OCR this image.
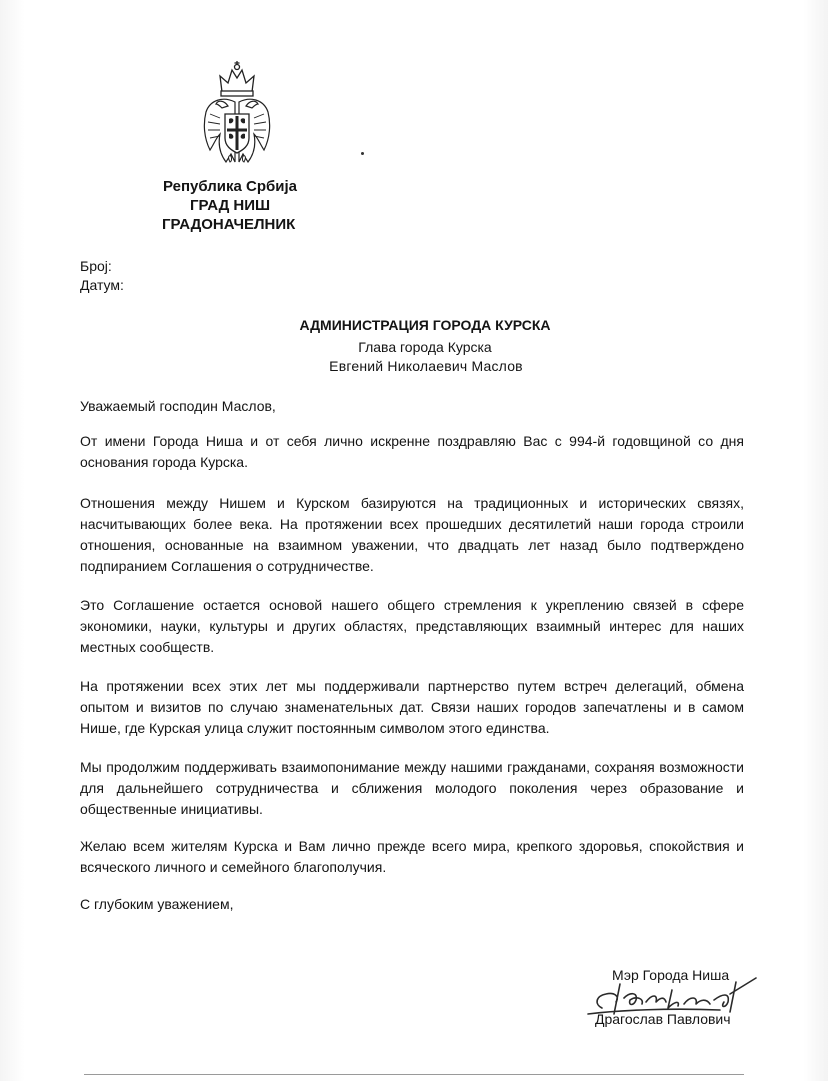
Република Србија
ГРАД НИШ
ГРАДОНАЧЕЛНИК
Број:
Датум:
АДМИНИСТРАЦИЯ ГОРОДА КУРСКА
Глава города Курска
Евгений Николаевич Маслов
Уважаемый господин Маслов,
От имени Города Ниша и от себя лично искренне поздравляю Вас с 994-й годовщиной со дня основания города Курска.
Отношения между Нишем и Курском базируются на традиционных и исторических связях, насчитывающих более века. На протяжении всех прошедших десятилетий наши города строили отношения, основанные на взаимном уважении, что двадцать лет назад было подтверждено подпиранием Соглашения о сотрудничестве.
Это Соглашение остается основой нашего общего стремления к укреплению связей в сфере экономики, науки, культуры и других областях, представляющих взаимный интерес для наших местных сообществ.
На протяжении всех этих лет мы поддерживали партнерство путем встреч делегаций, обмена опытом и визитов по случаю знаменательных дат. Связи наших городов запечатлены и в самом Нише, где Курская улица служит постоянным символом этого единства.
Мы продолжим поддерживать взаимопонимание между нашими гражданами, сохраняя возможности для дальнейшего сотрудничества и сближения молодого поколения через образование и общественные инициативы.
Желаю всем жителям Курска и Вам лично прежде всего мира, крепкого здоровья, спокойствия и всяческого личного и семейного благополучия.
С глубоким уважением,
Мэр Города Ниша
Драгослав Павлович
